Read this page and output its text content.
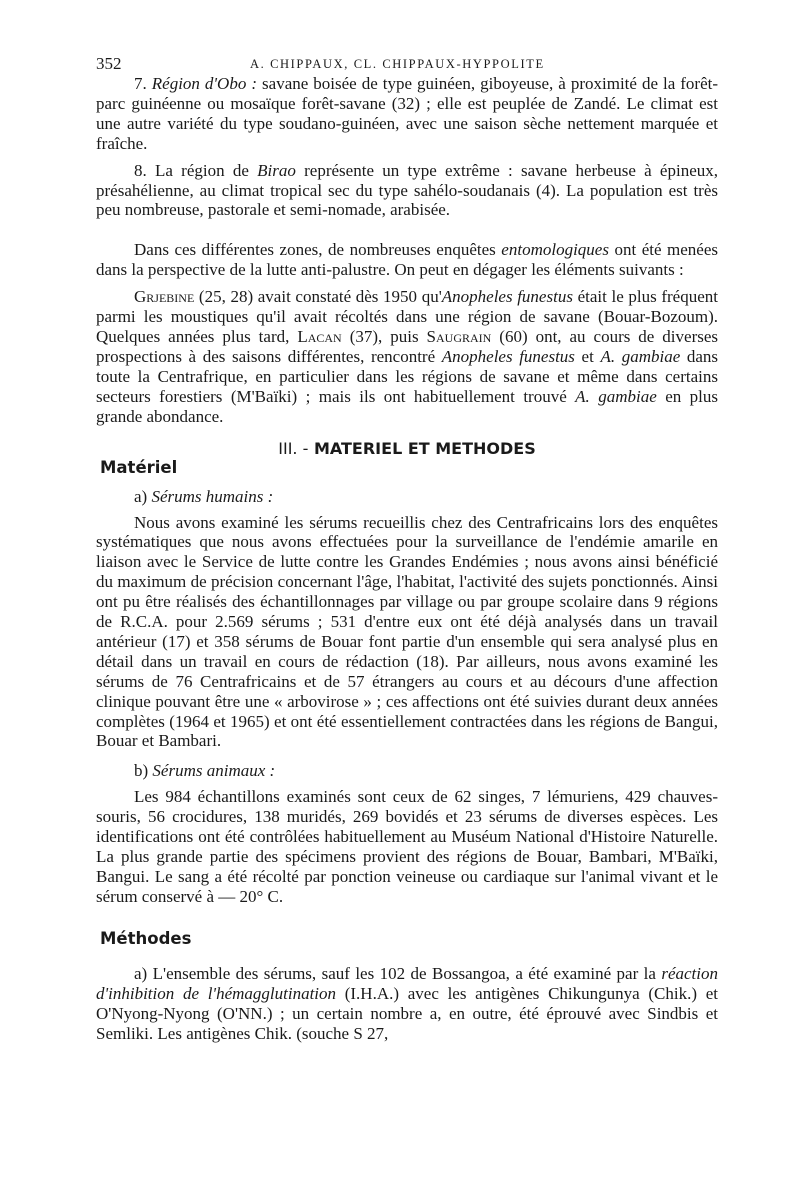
352	A. CHIPPAUX, CL. CHIPPAUX-HYPPOLITE

7. Région d'Obo : savane boisée de type guinéen, giboyeuse, à proximité de la forêt-parc guinéenne ou mosaïque forêt-savane (32) ; elle est peuplée de Zandé. Le climat est une autre variété du type soudano-guinéen, avec une saison sèche nettement marquée et fraîche.

8. La région de Birao représente un type extrême : savane herbeuse à épineux, présahélienne, au climat tropical sec du type sahélo-soudanais (4). La population est très peu nombreuse, pastorale et semi-nomade, arabisée.

Dans ces différentes zones, de nombreuses enquêtes entomologiques ont été menées dans la perspective de la lutte anti-palustre. On peut en dégager les éléments suivants :

Grjebine (25, 28) avait constaté dès 1950 qu'Anopheles funestus était le plus fréquent parmi les moustiques qu'il avait récoltés dans une région de savane (Bouar-Bozoum). Quelques années plus tard, Lacan (37), puis Saugrain (60) ont, au cours de diverses prospections à des saisons différentes, rencontré Anopheles funestus et A. gambiae dans toute la Centrafrique, en particulier dans les régions de savane et même dans certains secteurs forestiers (M'Baïki) ; mais ils ont habituellement trouvé A. gambiae en plus grande abondance.

III. - MATERIEL ET METHODES
Matériel
a) Sérums humains :

Nous avons examiné les sérums recueillis chez des Centrafricains lors des enquêtes systématiques que nous avons effectuées pour la surveillance de l'endémie amarile en liaison avec le Service de lutte contre les Grandes Endémies ; nous avons ainsi bénéficié du maximum de précision concernant l'âge, l'habitat, l'activité des sujets ponctionnés. Ainsi ont pu être réalisés des échantillonnages par village ou par groupe scolaire dans 9 régions de R.C.A. pour 2.569 sérums ; 531 d'entre eux ont été déjà analysés dans un travail antérieur (17) et 358 sérums de Bouar font partie d'un ensemble qui sera analysé plus en détail dans un travail en cours de rédaction (18). Par ailleurs, nous avons examiné les sérums de 76 Centrafricains et de 57 étrangers au cours et au décours d'une affection clinique pouvant être une « arbovirose » ; ces affections ont été suivies durant deux années complètes (1964 et 1965) et ont été essentiellement contractées dans les régions de Bangui, Bouar et Bambari.

b) Sérums animaux :

Les 984 échantillons examinés sont ceux de 62 singes, 7 lémuriens, 429 chauves-souris, 56 crocidures, 138 muridés, 269 bovidés et 23 sérums de diverses espèces. Les identifications ont été contrôlées habituellement au Muséum National d'Histoire Naturelle. La plus grande partie des spécimens provient des régions de Bouar, Bambari, M'Baïki, Bangui. Le sang a été récolté par ponction veineuse ou cardiaque sur l'animal vivant et le sérum conservé à — 20° C.

Méthodes

a) L'ensemble des sérums, sauf les 102 de Bossangoa, a été examiné par la réaction d'inhibition de l'hémagglutination (I.H.A.) avec les antigènes Chikungunya (Chik.) et O'Nyong-Nyong (O'NN.) ; un certain nombre a, en outre, été éprouvé avec Sindbis et Semliki. Les antigènes Chik. (souche S 27,
